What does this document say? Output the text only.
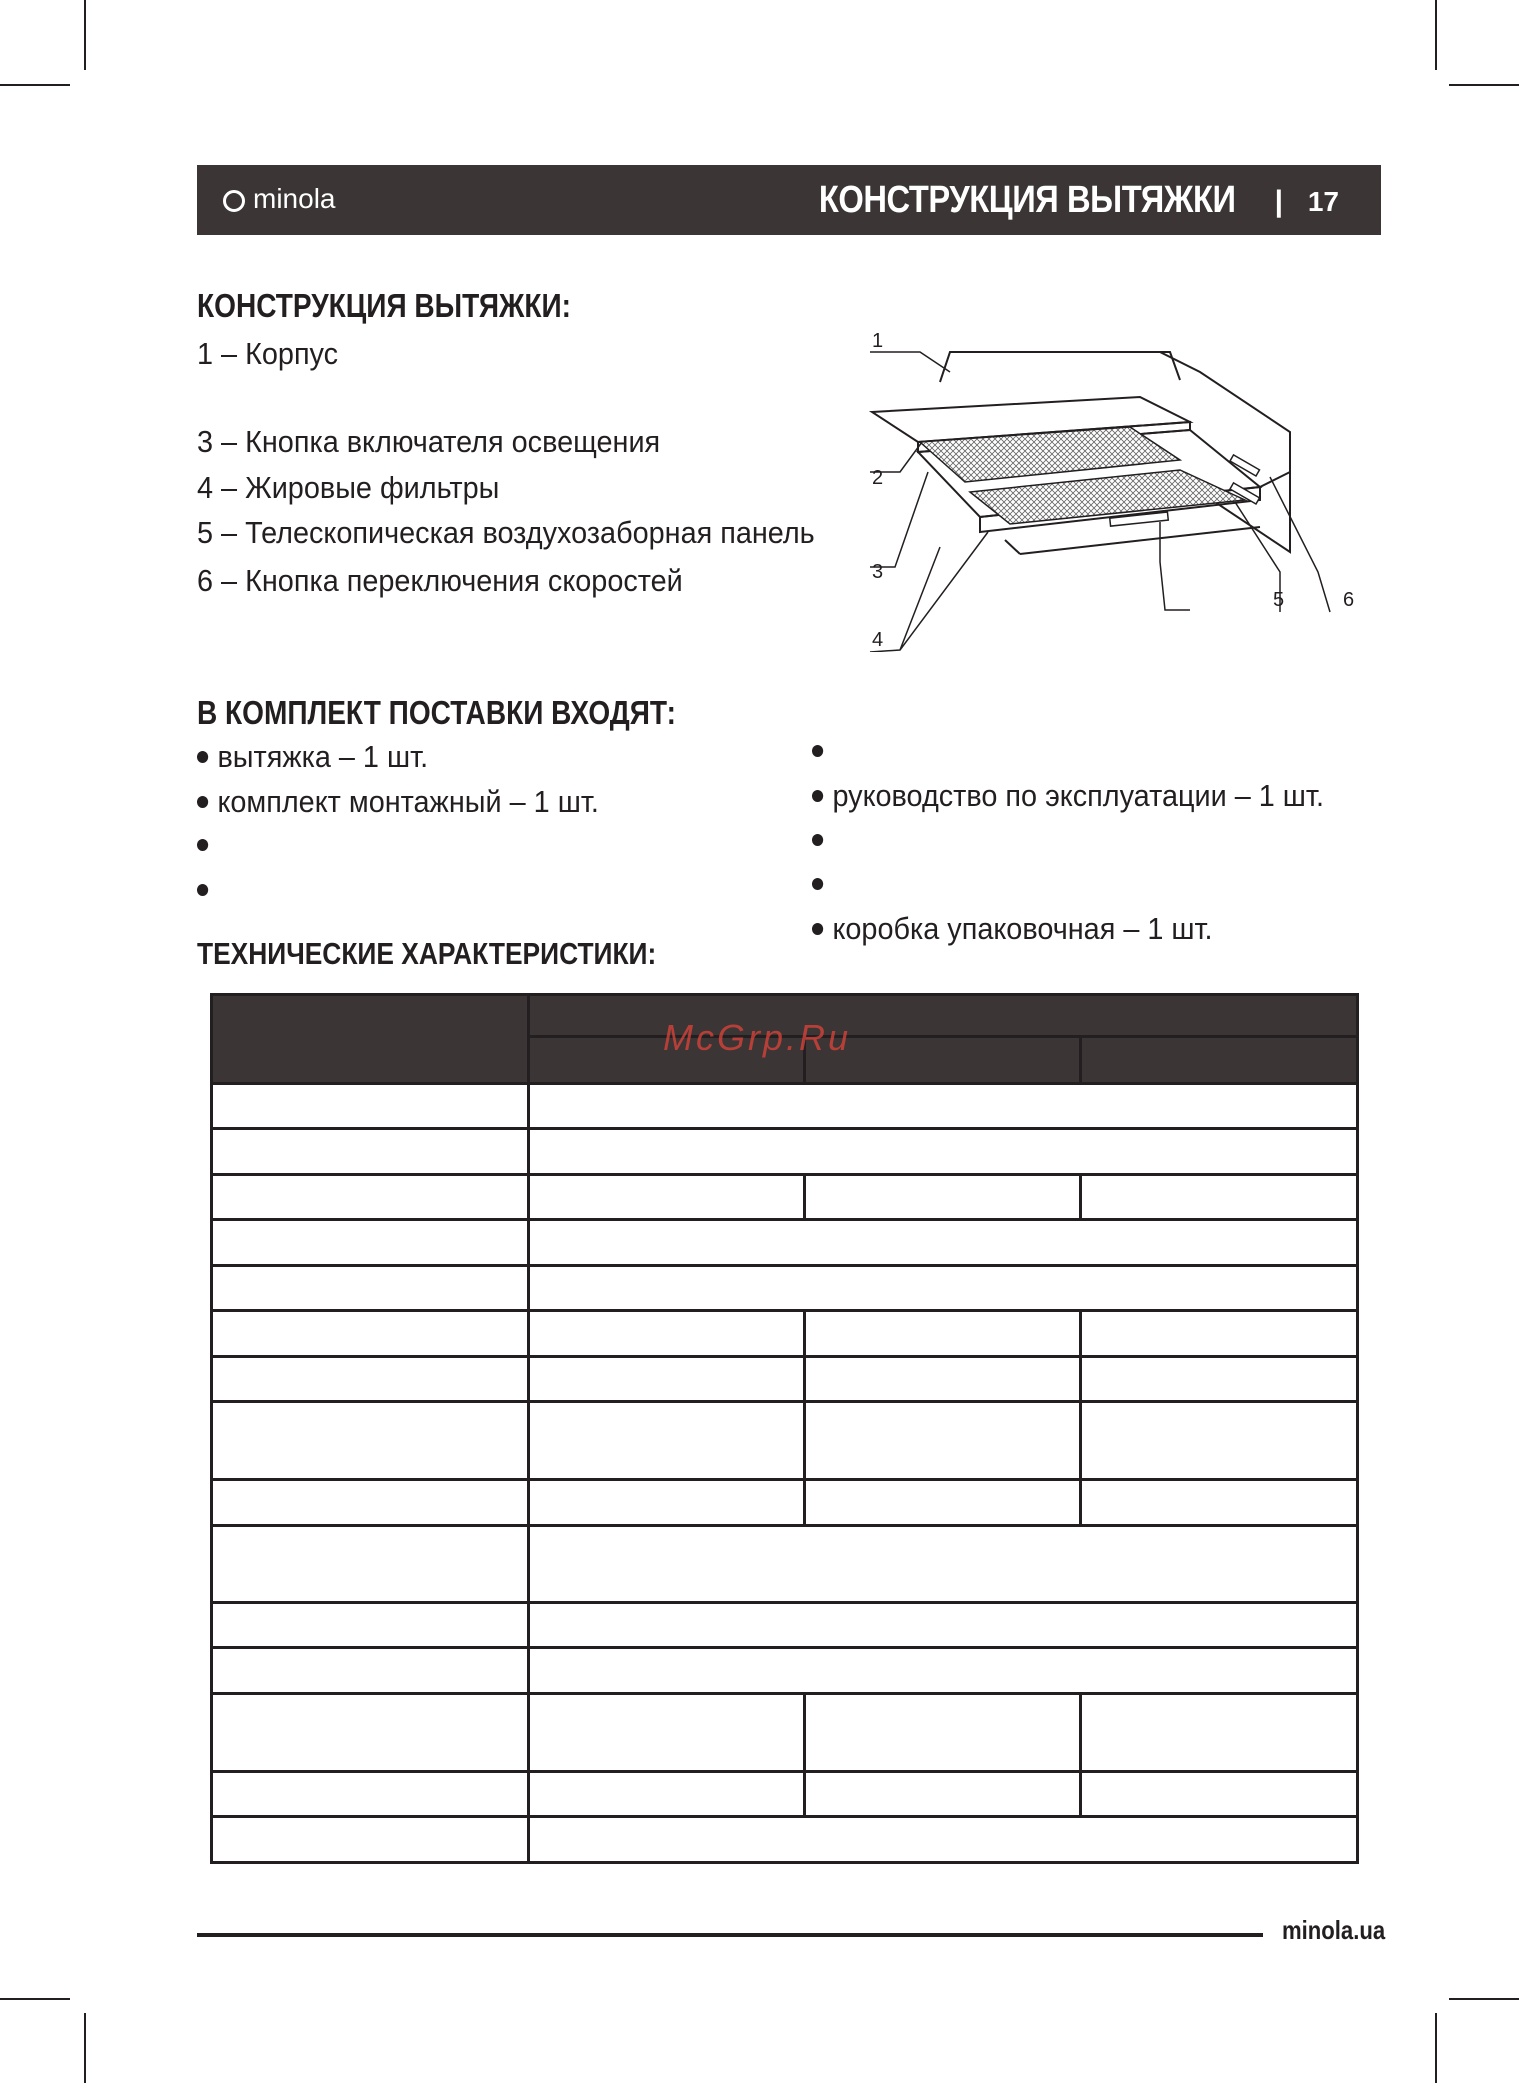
minola	КОНСТРУКЦИЯ ВЫТЯЖКИ | 17
КОНСТРУКЦИЯ ВЫТЯЖКИ:
1 – Корпус
3 – Кнопка включателя освещения
4 – Жировые фильтры
5 – Телескопическая воздухозаборная панель
6 – Кнопка переключения скоростей
1
2
3
4
5	6
В КОМПЛЕКТ ПОСТАВКИ ВХОДЯТ:
вытяжка – 1 шт.
комплект монтажный – 1 шт.	руководство по эксплуатации – 1 шт.
коробка упаковочная – 1 шт.
ТЕХНИЧЕСКИЕ ХАРАКТЕРИСТИКИ:

McGrp.Ru
minola.ua
